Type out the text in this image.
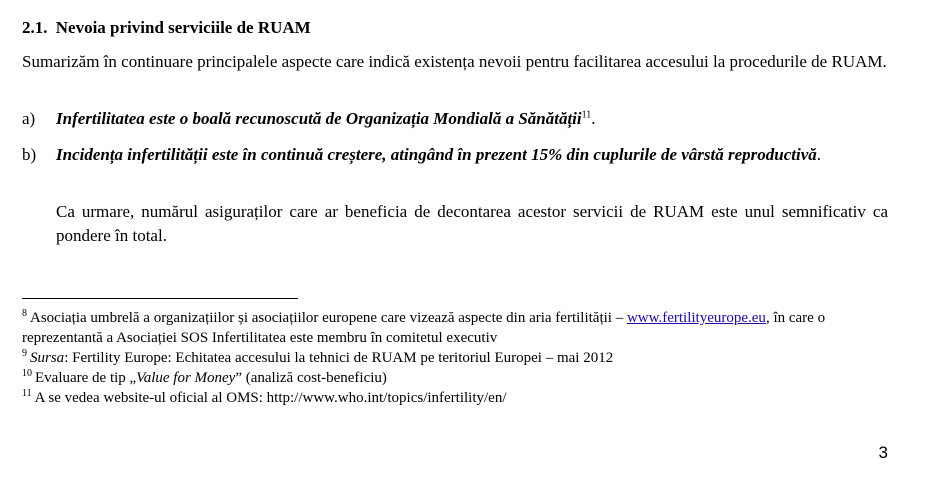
2.1. Nevoia privind serviciile de RUAM

Sumarizăm în continuare principalele aspecte care indică existența nevoii pentru facilitarea accesului la procedurile de RUAM.

a) Infertilitatea este o boală recunoscută de Organizația Mondială a Sănătății$^{11}$.
b) Incidența infertilității este în continuă creștere, atingând în prezent 15% din cuplurile de vârstă reproductivă.

Ca urmare, numărul asiguraților care ar beneficia de decontarea acestor servicii de RUAM este unul semnificativ ca pondere în total.

$^8$ Asociația umbrelă a organizațiilor și asociațiilor europene care vizează aspecte din aria fertilității – www.fertilityeurope.eu, în care o reprezentantă a Asociației SOS Infertilitatea este membru în comitetul executiv

$^9$ Sursa: Fertility Europe: Echitatea accesului la tehnici de RUAM pe teritoriul Europei – mai 2012

$^{10}$ Evaluare de tip „Value for Money” (analiză cost-beneficiu)

$^{11}$ A se vedea website-ul oficial al OMS: http://www.who.int/topics/infertility/en/

3
